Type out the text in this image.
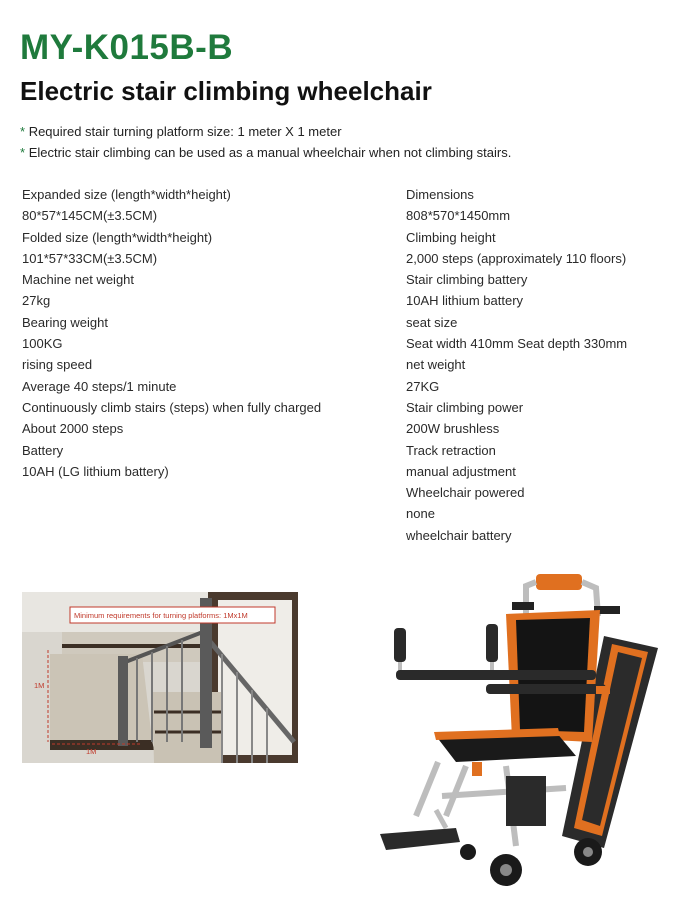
MY-K015B-B
Electric stair climbing wheelchair
* Required stair turning platform size: 1 meter X 1 meter
* Electric stair climbing can be used as a manual wheelchair when not climbing stairs.
Expanded size (length*width*height)
80*57*145CM(±3.5CM)
Folded size (length*width*height)
101*57*33CM(±3.5CM)
Machine net weight
27kg
Bearing weight
100KG
rising speed
Average 40 steps/1 minute
Continuously climb stairs (steps) when fully charged
About 2000 steps
Battery
10AH (LG lithium battery)
Dimensions
808*570*1450mm
Climbing height
2,000 steps (approximately 110 floors)
Stair climbing battery
10AH lithium battery
seat size
Seat width 410mm Seat depth 330mm
net weight
27KG
Stair climbing power
200W brushless
Track retraction
manual adjustment
Wheelchair powered
none
wheelchair battery
Minimum requirements for turning platforms: 1Mx1M
1M
1M
